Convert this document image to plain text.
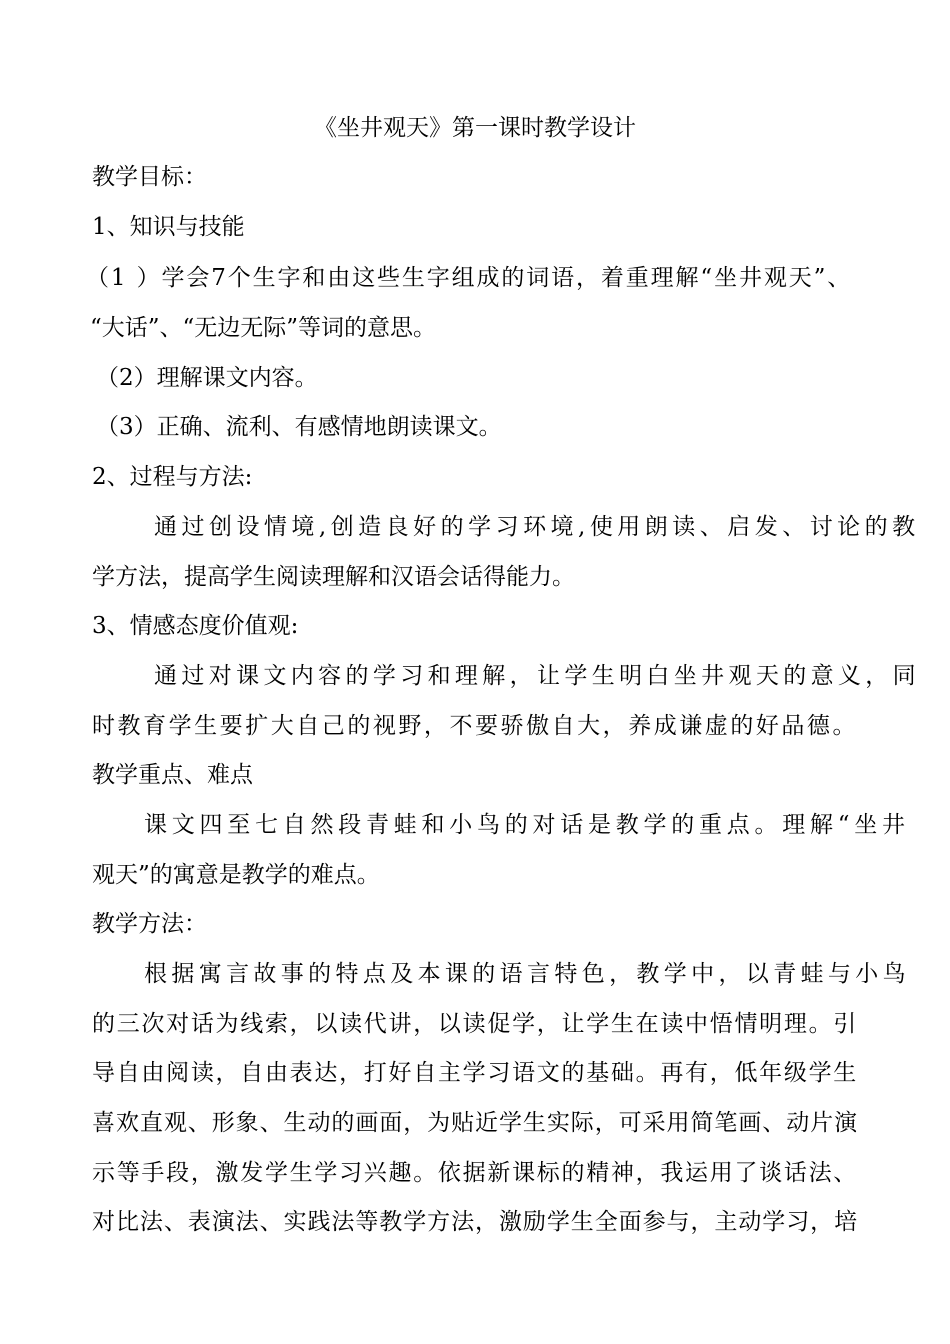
《坐井观天》第一课时教学设计
教学目标：
1、知识与技能
（1 ）学会7个生字和由这些生字组成的词语，着重理解“坐井观天”、
“大话”、“无边无际”等词的意思。
（2）理解课文内容。
（3）正确、流利、有感情地朗读课文。
2、过程与方法:
通过创设情境,创造良好的学习环境,使用朗读、启发、讨论的教
学方法，提高学生阅读理解和汉语会话得能力。
3、情感态度价值观:
通过对课文内容的学习和理解，让学生明白坐井观天的意义，同
时教育学生要扩大自己的视野，不要骄傲自大，养成谦虚的好品德。
教学重点、难点
课文四至七自然段青蛙和小鸟的对话是教学的重点。理解“坐井
观天”的寓意是教学的难点。
教学方法：
根据寓言故事的特点及本课的语言特色，教学中，以青蛙与小鸟
的三次对话为线索，以读代讲，以读促学，让学生在读中悟情明理。引
导自由阅读，自由表达，打好自主学习语文的基础。再有，低年级学生
喜欢直观、形象、生动的画面，为贴近学生实际，可采用简笔画、动片演
示等手段，激发学生学习兴趣。依据新课标的精神，我运用了谈话法、
对比法、表演法、实践法等教学方法，激励学生全面参与，主动学习，培
